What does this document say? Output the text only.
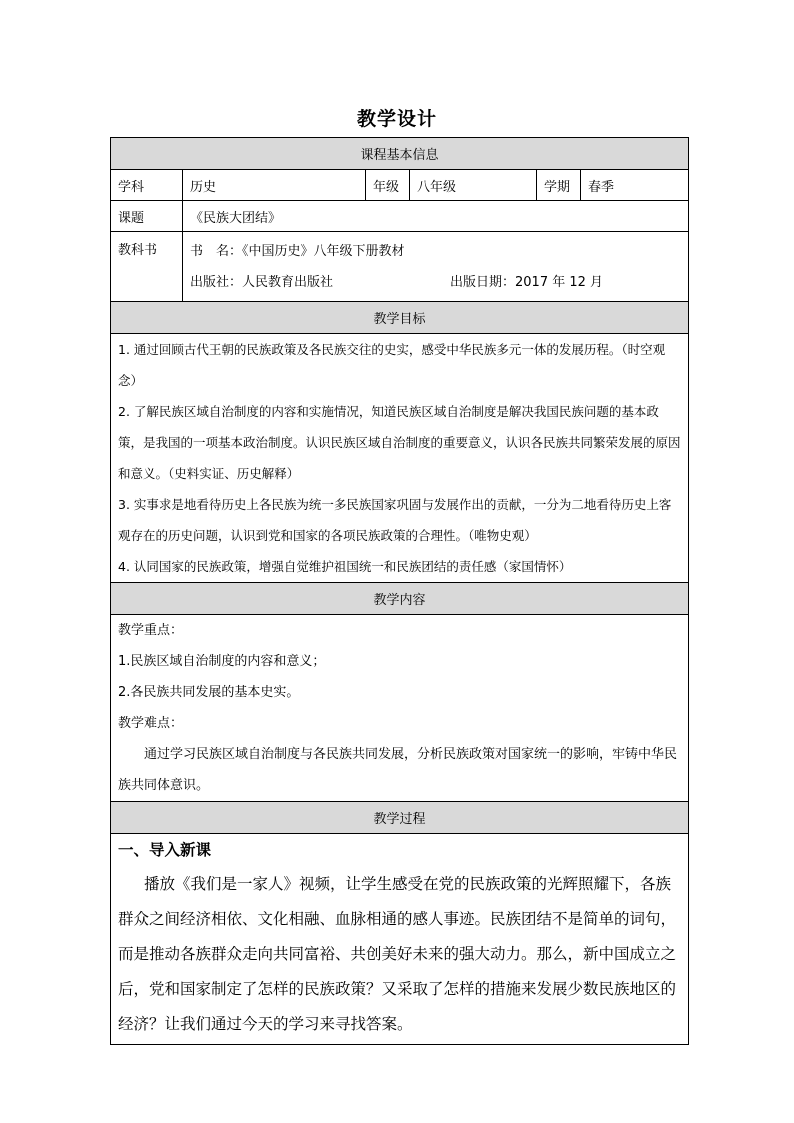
教学设计
课程基本信息					
学科	历史	年级	八年级	学期	春季
课题	《民族大团结》				
教科书	书　名：《中国历史》八年级下册教材
出版社：人民教育出版社 出版日期：2017 年 12 月				

教学目标					

1. 通过回顾古代王朝的民族政策及各民族交往的史实，感受中华民族多元一体的发展历程。（时空观念）
2. 了解民族区域自治制度的内容和实施情况，知道民族区域自治制度是解决我国民族问题的基本政策，是我国的一项基本政治制度。认识民族区域自治制度的重要意义，认识各民族共同繁荣发展的原因和意义。（史料实证、历史解释）
3. 实事求是地看待历史上各民族为统一多民族国家巩固与发展作出的贡献，一分为二地看待历史上客观存在的历史问题，认识到党和国家的各项民族政策的合理性。（唯物史观）
4. 认同国家的民族政策，增强自觉维护祖国统一和民族团结的责任感（家国情怀）					

教学内容					

教学重点：
1.民族区域自治制度的内容和意义；
2.各民族共同发展的基本史实。
教学难点：
通过学习民族区域自治制度与各民族共同发展，分析民族政策对国家统一的影响，牢铸中华民族共同体意识。					

教学过程					

一、导入新课
播放《我们是一家人》视频，让学生感受在党的民族政策的光辉照耀下，各族群众之间经济相依、文化相融、血脉相通的感人事迹。民族团结不是简单的词句，而是推动各族群众走向共同富裕、共创美好未来的强大动力。那么，新中国成立之后，党和国家制定了怎样的民族政策？又采取了怎样的措施来发展少数民族地区的经济？让我们通过今天的学习来寻找答案。					
